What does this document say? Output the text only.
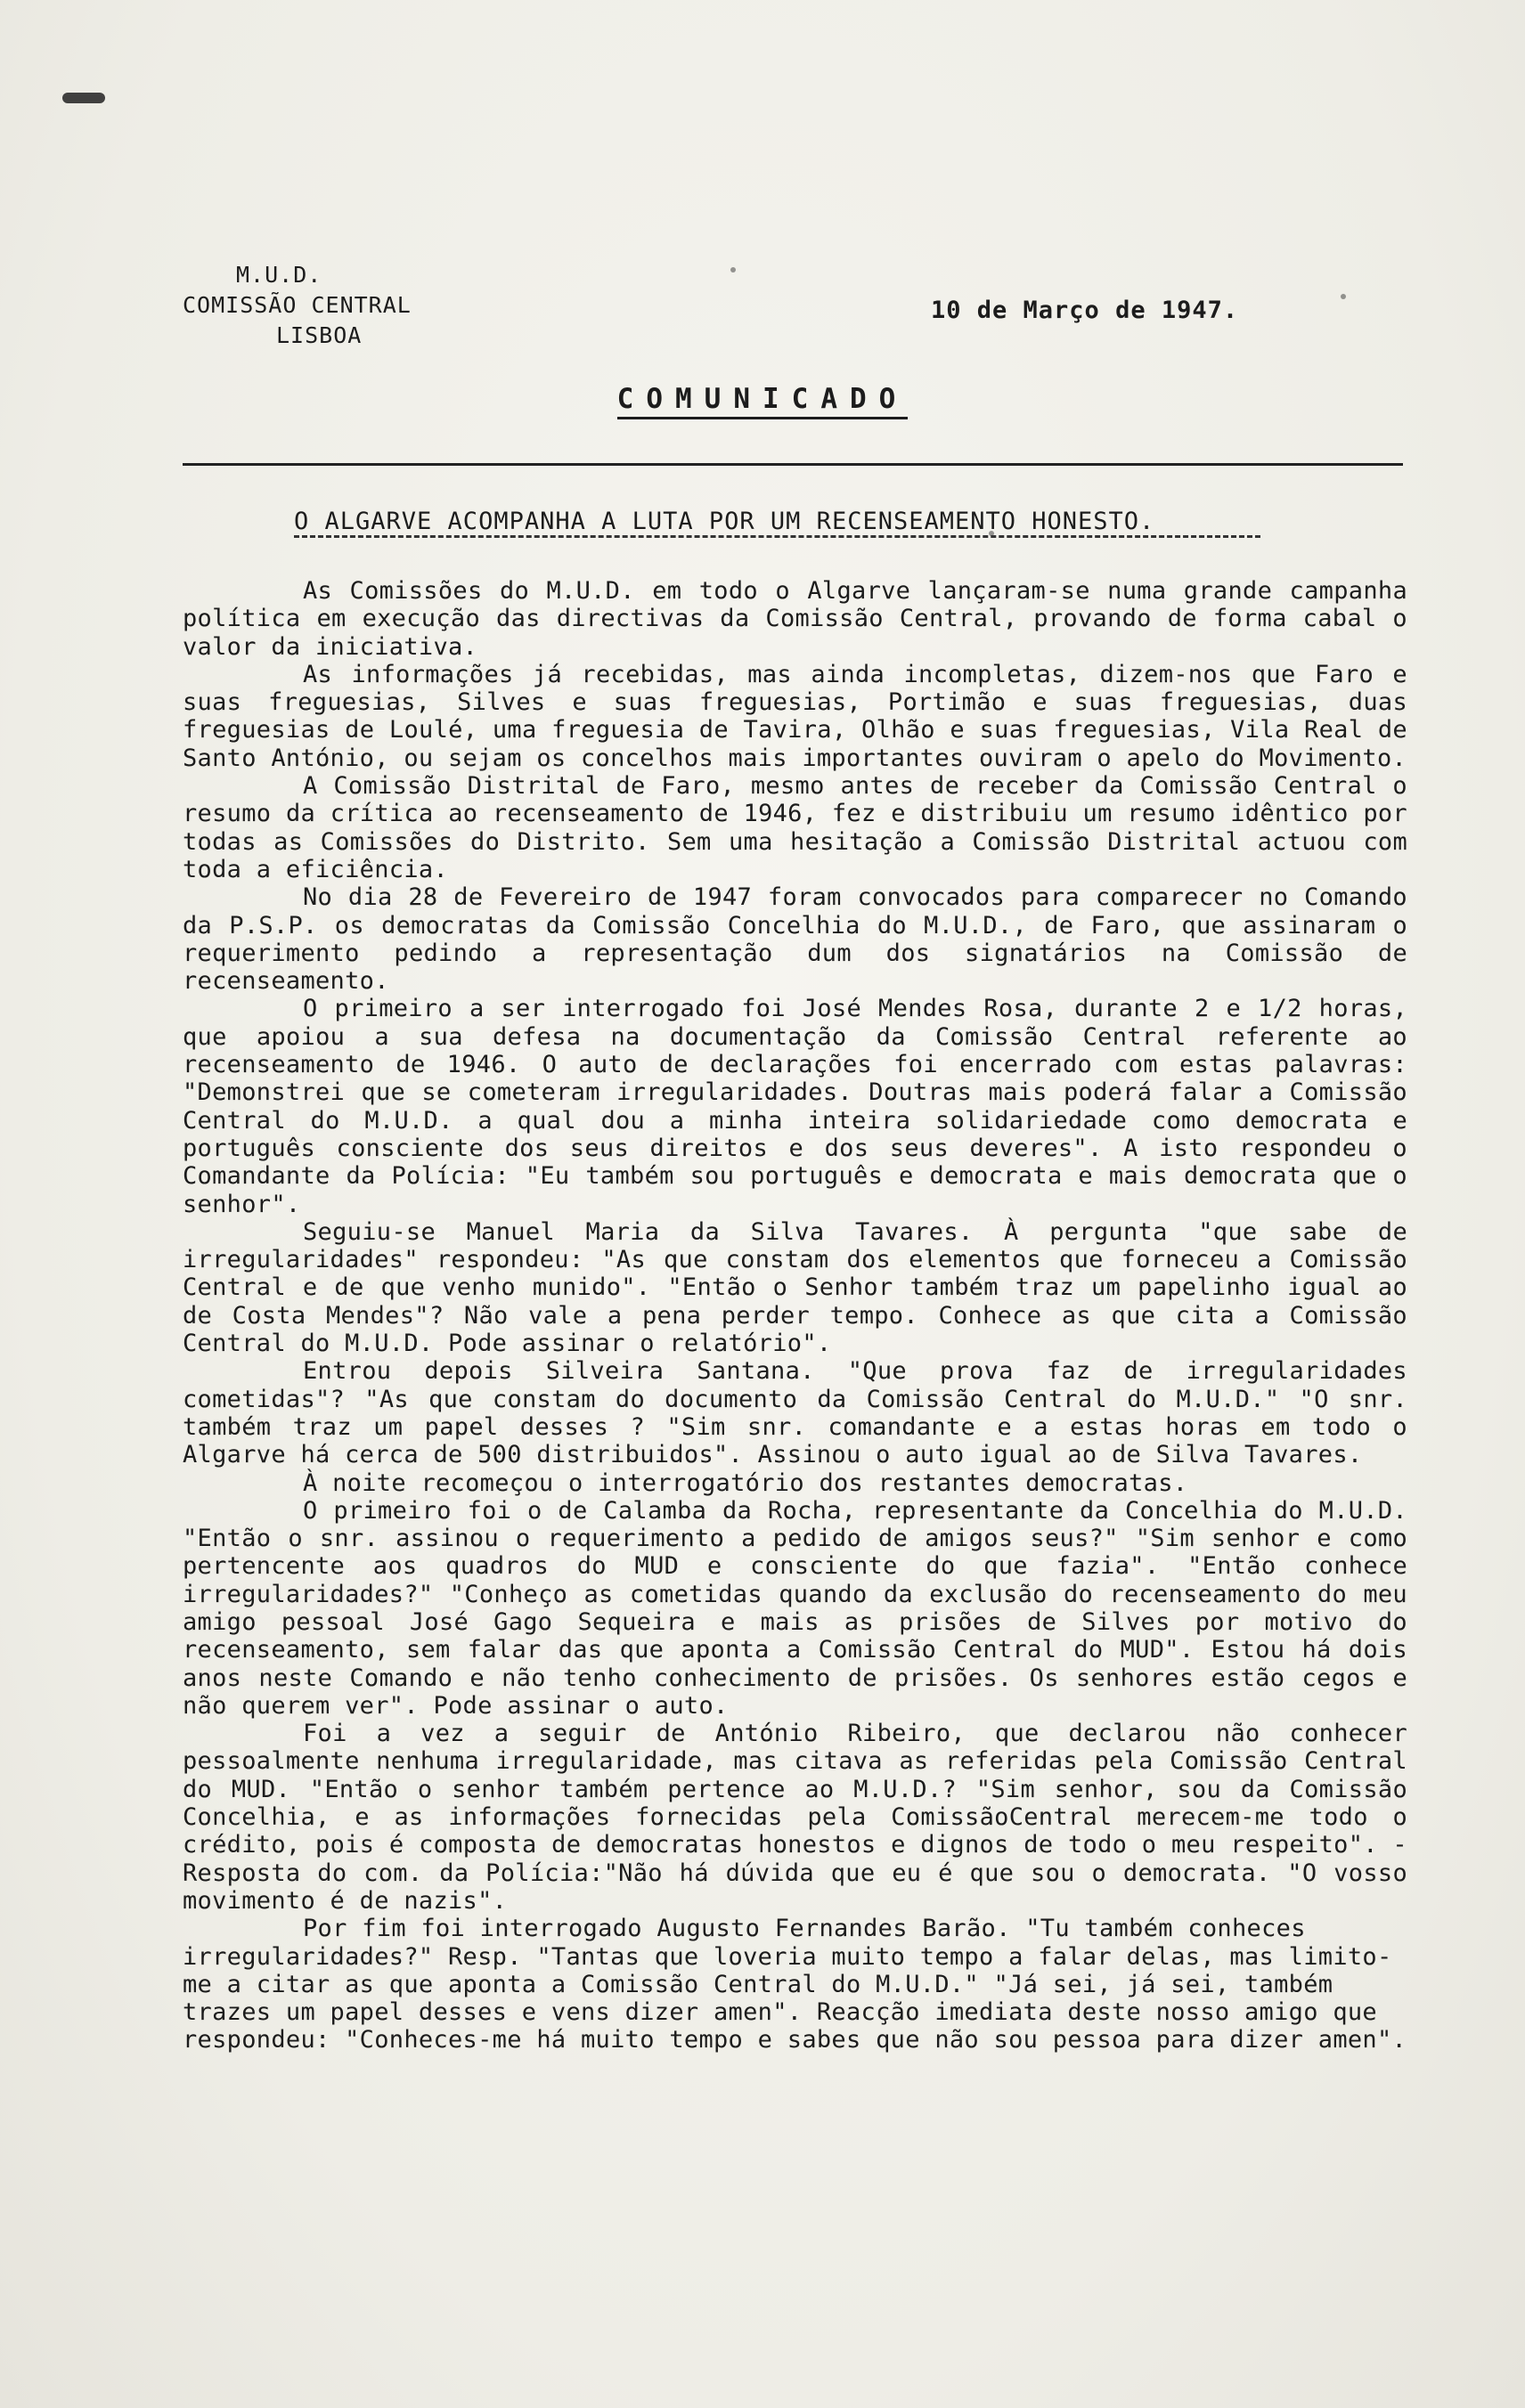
M.U.D.
COMISSÃO CENTRAL
LISBOA
10 de Março de 1947.
COMUNICADO
O ALGARVE ACOMPANHA A LUTA POR UM RECENSEAMENTO HONESTO.

As Comissões do M.U.D. em todo o Algarve lançaram-se numa grande campanha política em execução das directivas da Comissão Central, provando de forma cabal o valor da iniciativa.

As informações já recebidas, mas ainda incompletas, dizem-nos que Faro e suas freguesias, Silves e suas freguesias, Portimão e suas freguesias, duas freguesias de Loulé, uma freguesia de Tavira, Olhão e suas freguesias, Vila Real de Santo António, ou sejam os concelhos mais importantes ouviram o apelo do Movimento.

A Comissão Distrital de Faro, mesmo antes de receber da Comissão Central o resumo da crítica ao recenseamento de 1946, fez e distribuiu um resumo idêntico por todas as Comissões do Distrito. Sem uma hesitação a Comissão Distrital actuou com toda a eficiência.

No dia 28 de Fevereiro de 1947 foram convocados para comparecer no Comando da P.S.P. os democratas da Comissão Concelhia do M.U.D., de Faro, que assinaram o requerimento pedindo a representação dum dos signatários na Comissão de recenseamento.

O primeiro a ser interrogado foi José Mendes Rosa, durante 2 e 1/2 horas, que apoiou a sua defesa na documentação da Comissão Central referente ao recenseamento de 1946. O auto de declarações foi encerrado com estas palavras: "Demonstrei que se cometeram irregularidades. Doutras mais poderá falar a Comissão Central do M.U.D. a qual dou a minha inteira solidariedade como democrata e português consciente dos seus direitos e dos seus deveres". A isto respondeu o Comandante da Polícia: "Eu também sou português e democrata e mais democrata que o senhor".

Seguiu-se Manuel Maria da Silva Tavares. À pergunta "que sabe de irregularidades" respondeu: "As que constam dos elementos que forneceu a Comissão Central e de que venho munido". "Então o Senhor também traz um papelinho igual ao de Costa Mendes"? Não vale a pena perder tempo. Conhece as que cita a Comissão Central do M.U.D. Pode assinar o relatório".

Entrou depois Silveira Santana. "Que prova faz de irregularidades cometidas"? "As que constam do documento da Comissão Central do M.U.D." "O snr. também traz um papel desses ? "Sim snr. comandante e a estas horas em todo o Algarve há cerca de 500 distribuidos". Assinou o auto igual ao de Silva Tavares.

À noite recomeçou o interrogatório dos restantes democratas.

O primeiro foi o de Calamba da Rocha, representante da Concelhia do M.U.D. "Então o snr. assinou o requerimento a pedido de amigos seus?" "Sim senhor e como pertencente aos quadros do MUD e consciente do que fazia". "Então conhece irregularidades?" "Conheço as cometidas quando da exclusão do recenseamento do meu amigo pessoal José Gago Sequeira e mais as prisões de Silves por motivo do recenseamento, sem falar das que aponta a Comissão Central do MUD". Estou há dois anos neste Comando e não tenho conhecimento de prisões. Os senhores estão cegos e não querem ver". Pode assinar o auto.

Foi a vez a seguir de António Ribeiro, que declarou não conhecer pessoalmente nenhuma irregularidade, mas citava as referidas pela Comissão Central do MUD. "Então o senhor também pertence ao M.U.D.? "Sim senhor, sou da Comissão Concelhia, e as informações fornecidas pela ComissãoCentral merecem-me todo o crédito, pois é composta de democratas honestos e dignos de todo o meu respeito". -Resposta do com. da Polícia:"Não há dúvida que eu é que sou o democrata. "O vosso movimento é de nazis".

Por fim foi interrogado Augusto Fernandes Barão. "Tu também conheces irregularidades?" Resp. "Tantas que loveria muito tempo a falar delas, mas limito-me a citar as que aponta a Comissão Central do M.U.D." "Já sei, já sei, também trazes um papel desses e vens dizer amen". Reacção imediata deste nosso amigo que respondeu: "Conheces-me há muito tempo e sabes que não sou pessoa para dizer amen".
